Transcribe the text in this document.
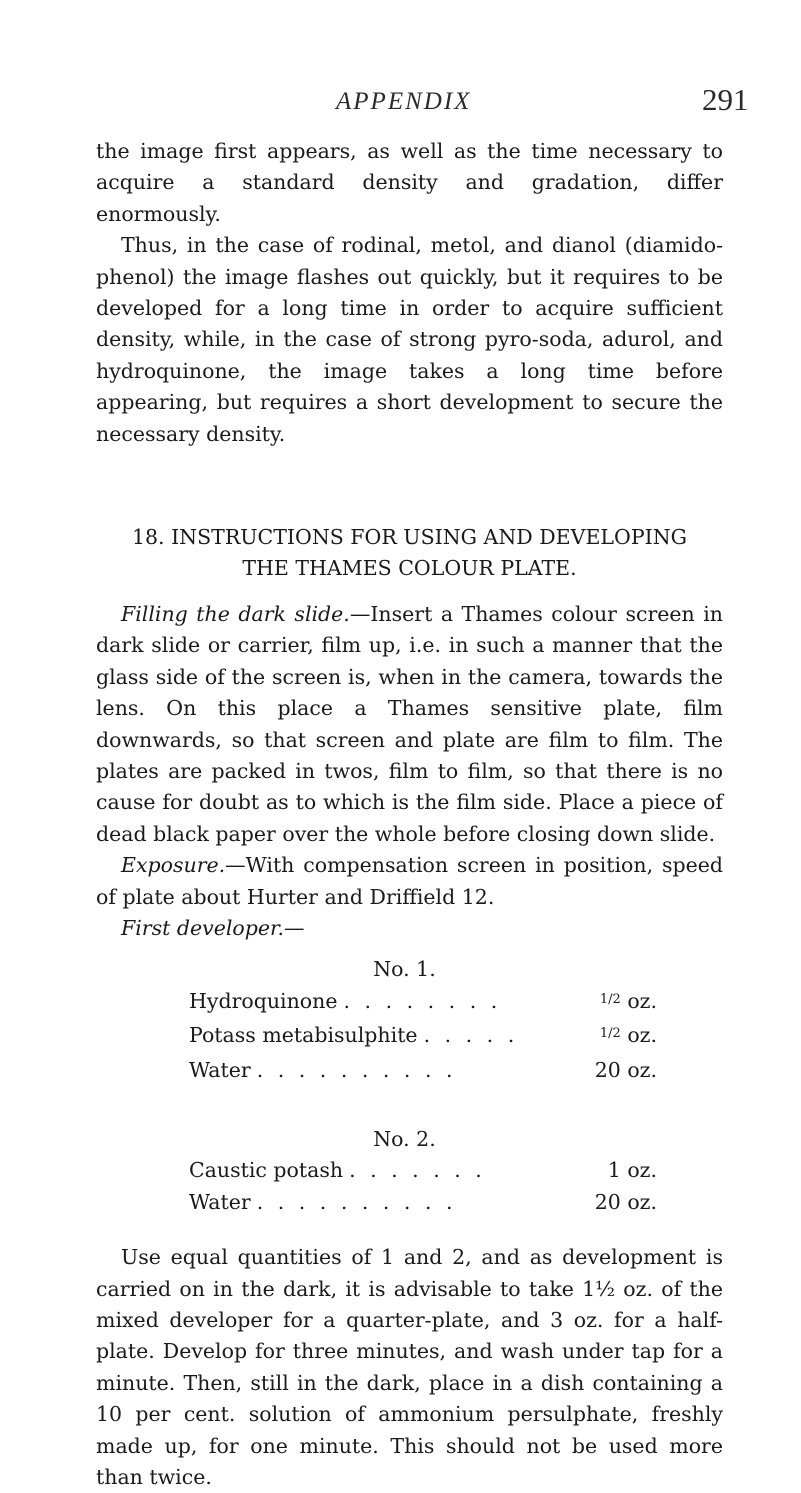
APPENDIX	291

the image first appears, as well as the time necessary to acquire a standard density and gradation, differ enormously.

Thus, in the case of rodinal, metol, and dianol (diamido-phenol) the image flashes out quickly, but it requires to be developed for a long time in order to acquire sufficient density, while, in the case of strong pyro-soda, adurol, and hydroquinone, the image takes a long time before appearing, but requires a short development to secure the necessary density.

18. INSTRUCTIONS FOR USING AND DEVELOPING
THE THAMES COLOUR PLATE.

Filling the dark slide.—Insert a Thames colour screen in dark slide or carrier, film up, i.e. in such a manner that the glass side of the screen is, when in the camera, towards the lens. On this place a Thames sensitive plate, film downwards, so that screen and plate are film to film. The plates are packed in twos, film to film, so that there is no cause for doubt as to which is the film side. Place a piece of dead black paper over the whole before closing down slide.

Exposure.—With compensation screen in position, speed of plate about Hurter and Driffield 12.

First developer.—

No. 1.
Hydroquinone . . . . . . . .	$^{1/2}$ oz.
Potass metabisulphite . . . . .	$^{1/2}$ oz.
Water . . . . . . . . . .	20 oz.
No. 2.
Caustic potash . . . . . . .	1 oz.
Water . . . . . . . . . .	20 oz.

Use equal quantities of 1 and 2, and as development is carried on in the dark, it is advisable to take 1½ oz. of the mixed developer for a quarter-plate, and 3 oz. for a half-plate. Develop for three minutes, and wash under tap for a minute. Then, still in the dark, place in a dish containing a 10 per cent. solution of ammonium persulphate, freshly made up, for one minute. This should not be used more than twice.
